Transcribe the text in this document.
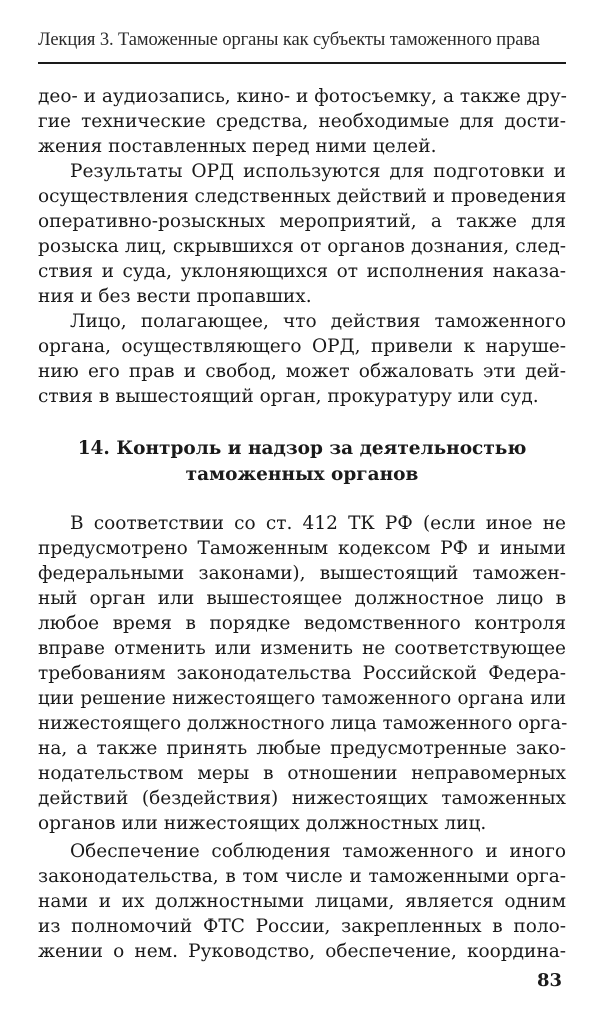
Лекция 3. Таможенные органы как субъекты таможенного права
део- и аудиозапись, кино- и фотосъемку, а также дру-
гие технические средства, необходимые для дости-
жения поставленных перед ними целей.
Результаты ОРД используются для подготовки и
осуществления следственных действий и проведения
оперативно-розыскных мероприятий, а также для
розыска лиц, скрывшихся от органов дознания, след-
ствия и суда, уклоняющихся от исполнения наказа-
ния и без вести пропавших.
Лицо, полагающее, что действия таможенного
органа, осуществляющего ОРД, привели к наруше-
нию его прав и свобод, может обжаловать эти дей-
ствия в вышестоящий орган, прокуратуру или суд.
14. Контроль и надзор за деятельностью
таможенных органов
В соответствии со ст. 412 ТК РФ (если иное не
предусмотрено Таможенным кодексом РФ и иными
федеральными законами), вышестоящий таможен-
ный орган или вышестоящее должностное лицо в
любое время в порядке ведомственного контроля
вправе отменить или изменить не соответствующее
требованиям законодательства Российской Федера-
ции решение нижестоящего таможенного органа или
нижестоящего должностного лица таможенного орга-
на, а также принять любые предусмотренные зако-
нодательством меры в отношении неправомерных
действий (бездействия) нижестоящих таможенных
органов или нижестоящих должностных лиц.
Обеспечение соблюдения таможенного и иного
законодательства, в том числе и таможенными орга-
нами и их должностными лицами, является одним
из полномочий ФТС России, закрепленных в поло-
жении о нем. Руководство, обеспечение, координа-
83
